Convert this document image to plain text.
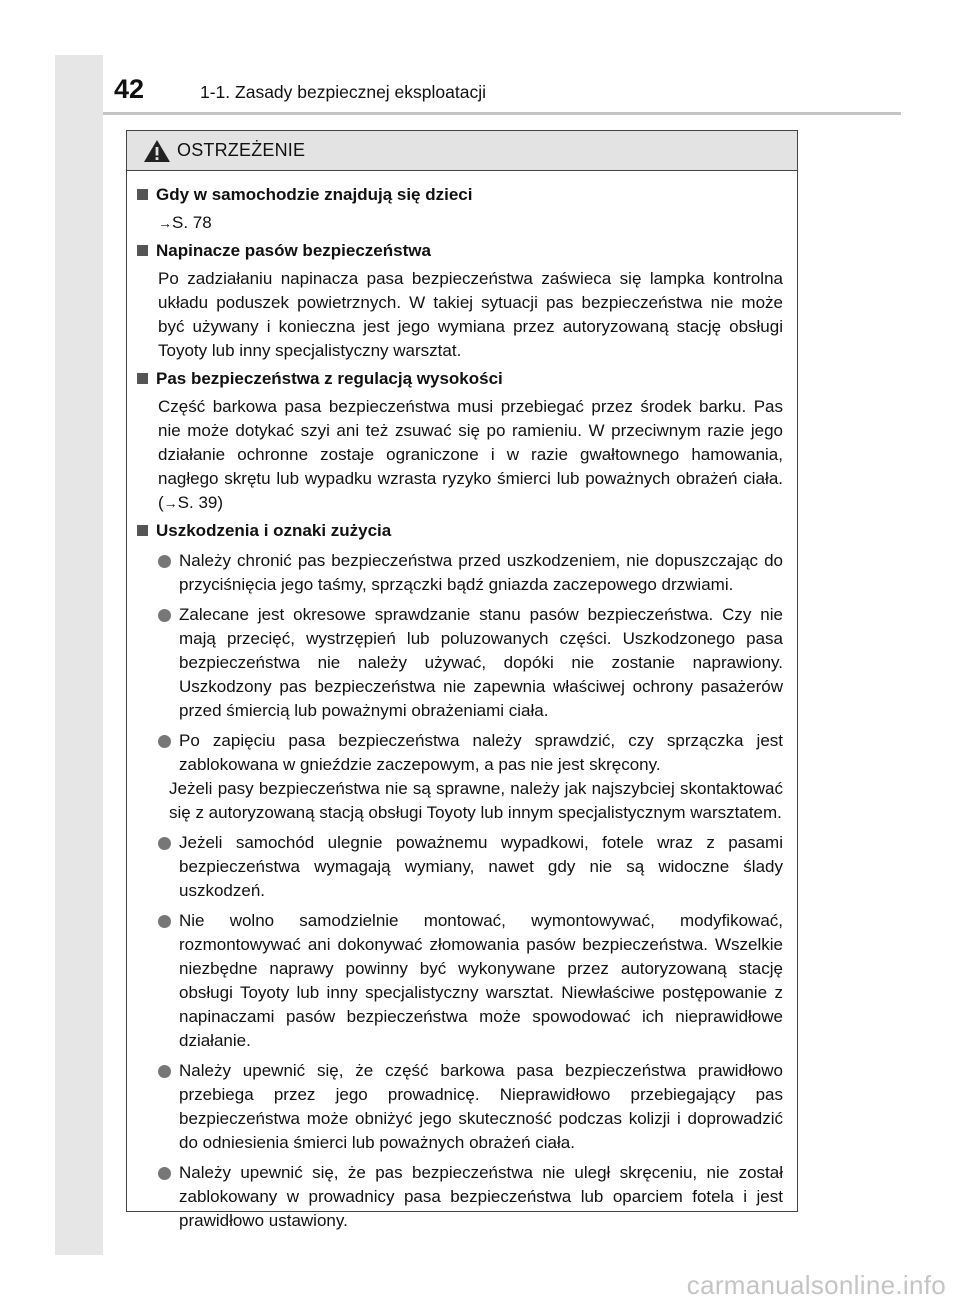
42	1-1. Zasady bezpiecznej eksploatacji
OSTRZEŻENIE
Gdy w samochodzie znajdują się dzieci
→S. 78
Napinacze pasów bezpieczeństwa

Po zadziałaniu napinacza pasa bezpieczeństwa zaświeca się lampka kontrolna układu poduszek powietrznych. W takiej sytuacji pas bezpieczeństwa nie może być używany i konieczna jest jego wymiana przez autoryzowaną stację obsługi Toyoty lub inny specjalistyczny warsztat.

Pas bezpieczeństwa z regulacją wysokości

Część barkowa pasa bezpieczeństwa musi przebiegać przez środek barku. Pas nie może dotykać szyi ani też zsuwać się po ramieniu. W przeciwnym razie jego działanie ochronne zostaje ograniczone i w razie gwałtownego hamowania, nagłego skrętu lub wypadku wzrasta ryzyko śmierci lub poważnych obrażeń ciała. (→S. 39)

Uszkodzenia i oznaki zużycia
Należy chronić pas bezpieczeństwa przed uszkodzeniem, nie dopuszczając do przyciśnięcia jego taśmy, sprzączki bądź gniazda zaczepowego drzwiami.
Zalecane jest okresowe sprawdzanie stanu pasów bezpieczeństwa. Czy nie mają przecięć, wystrzępień lub poluzowanych części. Uszkodzonego pasa bezpieczeństwa nie należy używać, dopóki nie zostanie naprawiony. Uszkodzony pas bezpieczeństwa nie zapewnia właściwej ochrony pasażerów przed śmiercią lub poważnymi obrażeniami ciała.
Po zapięciu pasa bezpieczeństwa należy sprawdzić, czy sprzączka jest zablokowana w gnieździe zaczepowym, a pas nie jest skręcony.

Jeżeli pasy bezpieczeństwa nie są sprawne, należy jak najszybciej skontaktować się z autoryzowaną stacją obsługi Toyoty lub innym specjalistycznym warsztatem.

Jeżeli samochód ulegnie poważnemu wypadkowi, fotele wraz z pasami bezpieczeństwa wymagają wymiany, nawet gdy nie są widoczne ślady uszkodzeń.
Nie wolno samodzielnie montować, wymontowywać, modyfikować, rozmontowywać ani dokonywać złomowania pasów bezpieczeństwa. Wszelkie niezbędne naprawy powinny być wykonywane przez autoryzowaną stację obsługi Toyoty lub inny specjalistyczny warsztat. Niewłaściwe postępowanie z napinaczami pasów bezpieczeństwa może spowodować ich nieprawidłowe działanie.
Należy upewnić się, że część barkowa pasa bezpieczeństwa prawidłowo przebiega przez jego prowadnicę. Nieprawidłowo przebiegający pas bezpieczeństwa może obniżyć jego skuteczność podczas kolizji i doprowadzić do odniesienia śmierci lub poważnych obrażeń ciała.
Należy upewnić się, że pas bezpieczeństwa nie uległ skręceniu, nie został zablokowany w prowadnicy pasa bezpieczeństwa lub oparciem fotela i jest prawidłowo ustawiony.
carmanualsonline.info
